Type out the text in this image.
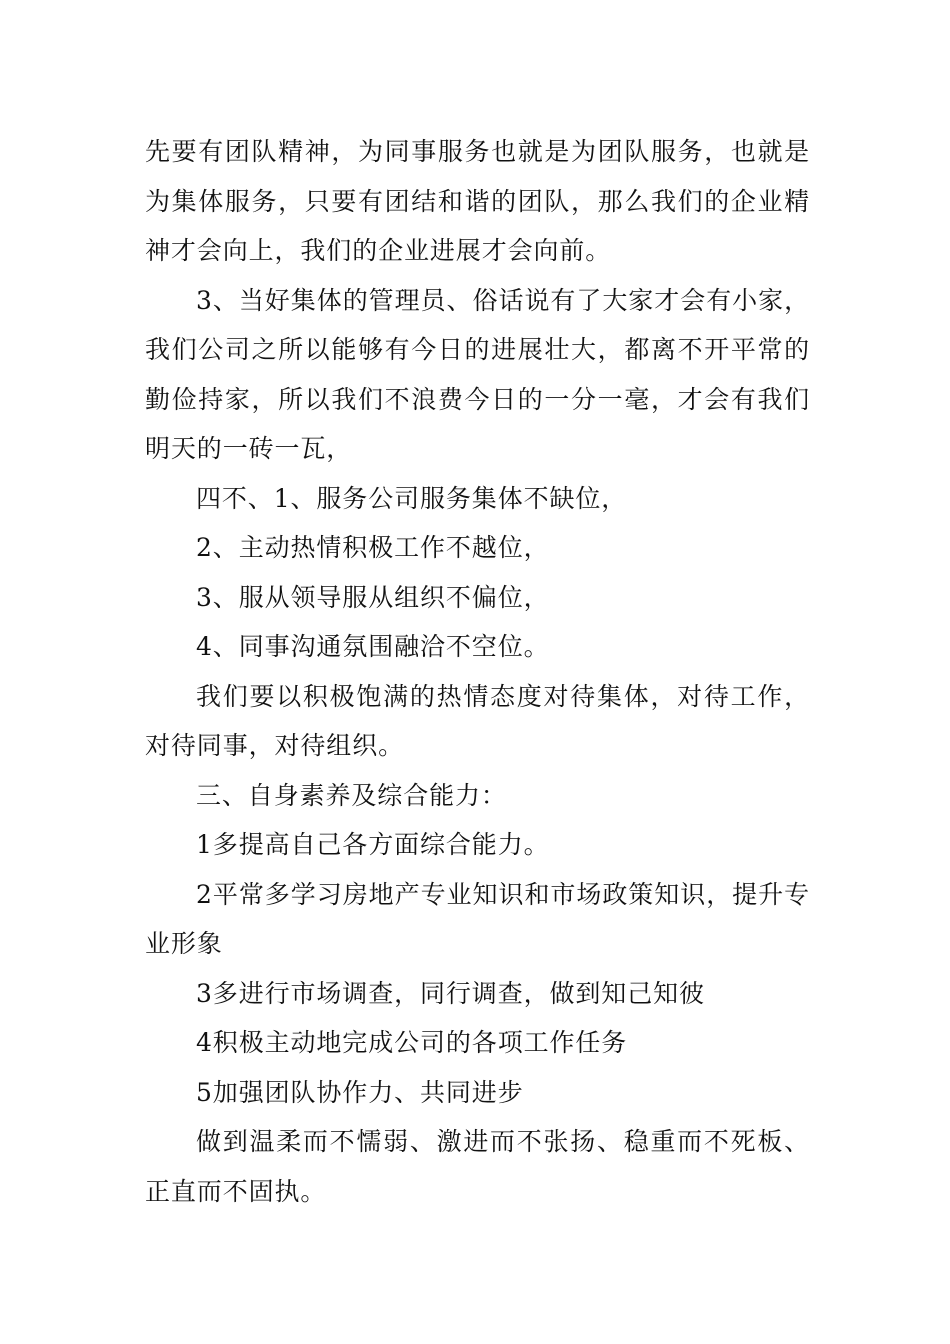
先要有团队精神，为同事服务也就是为团队服务，也就是为集体服务，只要有团结和谐的团队，那么我们的企业精神才会向上，我们的企业进展才会向前。

3、当好集体的管理员、俗话说有了大家才会有小家，我们公司之所以能够有今日的进展壮大，都离不开平常的勤俭持家，所以我们不浪费今日的一分一毫，才会有我们明天的一砖一瓦，

四不、1、服务公司服务集体不缺位，

2、主动热情积极工作不越位，

3、服从领导服从组织不偏位，

4、同事沟通氛围融洽不空位。

我们要以积极饱满的热情态度对待集体，对待工作，对待同事，对待组织。

三、自身素养及综合能力：

1多提高自己各方面综合能力。

2平常多学习房地产专业知识和市场政策知识，提升专业形象

3多进行市场调查，同行调查，做到知己知彼

4积极主动地完成公司的各项工作任务

5加强团队协作力、共同进步

做到温柔而不懦弱、激进而不张扬、稳重而不死板、正直而不固执。
